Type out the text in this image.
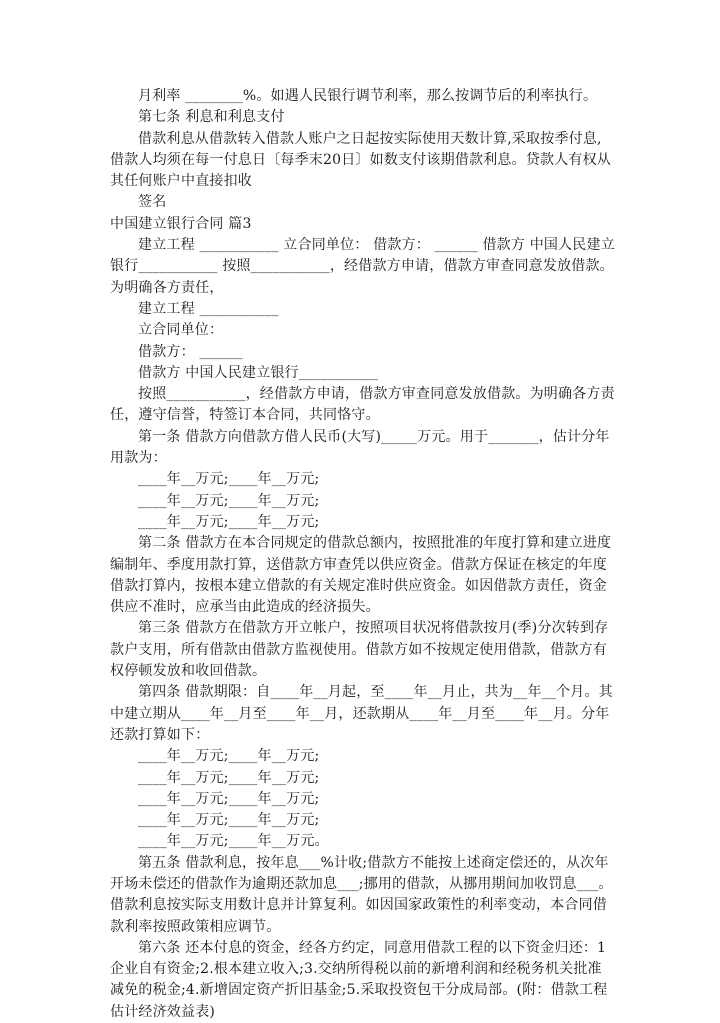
月利率 ________%。如遇人民银行调节利率，那么按调节后的利率执行。

第七条 利息和利息支付

借款利息从借款转入借款人账户之日起按实际使用天数计算,采取按季付息,借款人均须在每一付息日〔每季末20日〕如数支付该期借款利息。贷款人有权从其任何账户中直接扣收

签名

中国建立银行合同 篇3

建立工程 ___________ 立合同单位： 借款方： ______ 借款方 中国人民建立银行___________ 按照___________，经借款方申请，借款方审查同意发放借款。为明确各方责任，

建立工程 ___________

立合同单位：

借款方： ______

借款方 中国人民建立银行___________

按照___________，经借款方申请，借款方审查同意发放借款。为明确各方责任，遵守信誉，特签订本合同，共同恪守。

第一条 借款方向借款方借人民币(大写)_____万元。用于_______，估计分年用款为：

____年__万元;____年__万元;

____年__万元;____年__万元;

____年__万元;____年__万元;

第二条 借款方在本合同规定的借款总额内，按照批准的年度打算和建立进度编制年、季度用款打算，送借款方审查凭以供应资金。借款方保证在核定的年度借款打算内，按根本建立借款的有关规定准时供应资金。如因借款方责任，资金供应不准时，应承当由此造成的经济损失。

第三条 借款方在借款方开立帐户，按照项目状况将借款按月(季)分次转到存款户支用，所有借款由借款方监视使用。借款方如不按规定使用借款，借款方有权停顿发放和收回借款。

第四条 借款期限：自____年__月起，至____年__月止，共为__年__个月。其中建立期从____年__月至____年__月，还款期从____年__月至____年__月。分年还款打算如下：

____年__万元;____年__万元;

____年__万元;____年__万元;

____年__万元;____年__万元;

____年__万元;____年__万元;

____年__万元;____年__万元。

第五条 借款利息，按年息___%计收;借款方不能按上述商定偿还的，从次年开场未偿还的借款作为逾期还款加息___;挪用的借款，从挪用期间加收罚息___。借款利息按实际支用数计息并计算复利。如因国家政策性的利率变动，本合同借款利率按照政策相应调节。

第六条 还本付息的资金，经各方约定，同意用借款工程的以下资金归还：1企业自有资金;2.根本建立收入;3.交纳所得税以前的新增利润和经税务机关批准减免的税金;4.新增固定资产折旧基金;5.采取投资包干分成局部。(附：借款工程估计经济效益表)
